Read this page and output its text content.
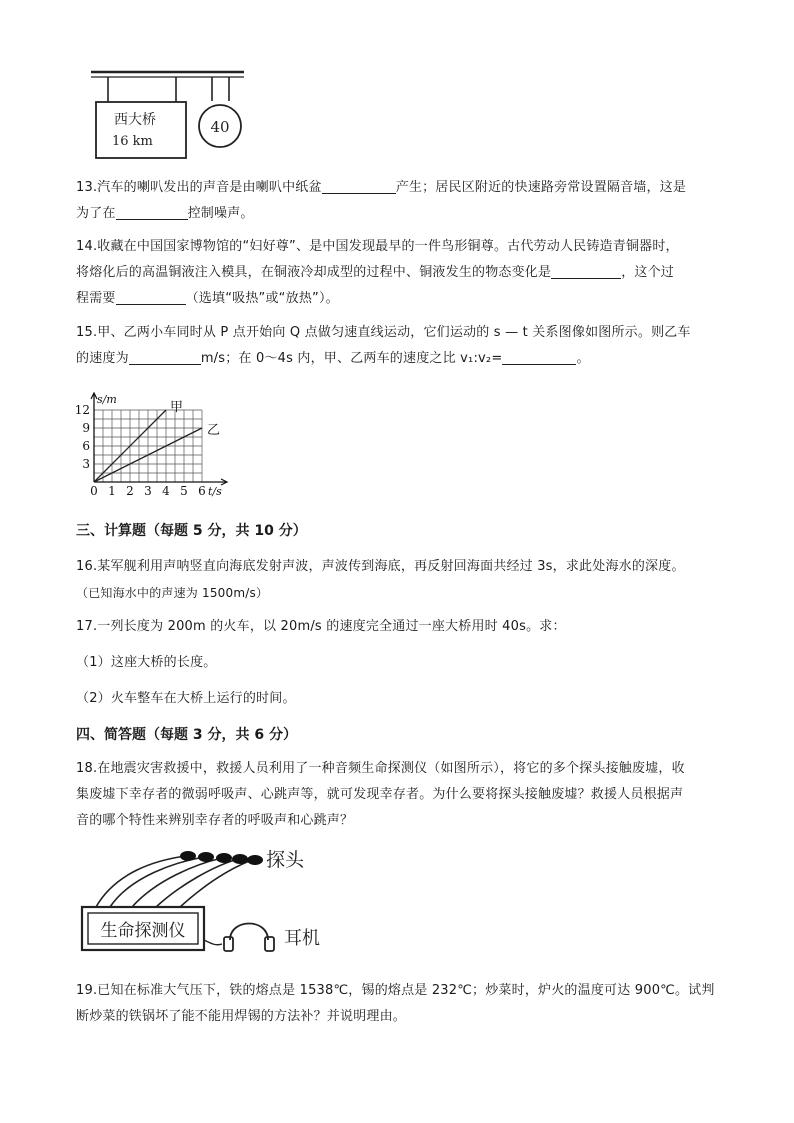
西大桥
16 km
40
13.汽车的喇叭发出的声音是由喇叭中纸盆	产生；居民区附近的快速路旁常设置隔音墙，这是
为了在	控制噪声。
14.收藏在中国国家博物馆的“妇好尊”、是中国发现最早的一件鸟形铜尊。古代劳动人民铸造青铜器时，
将熔化后的高温铜液注入模具，在铜液冷却成型的过程中、铜液发生的物态变化是	，这个过
程需要	（选填“吸热”或“放热”）。
15.甲、乙两小车同时从 P 点开始向 Q 点做匀速直线运动，它们运动的 s — t 关系图像如图所示。则乙车
的速度为	m/s；在 0～4s 内，甲、乙两车的速度之比 v₁:v₂=	。
0 1 2 3 4 5 6
3
6
9
12
s/m
t/s
甲
乙
三、计算题（每题 5 分，共 10 分）
16.某军舰利用声呐竖直向海底发射声波，声波传到海底，再反射回海面共经过 3s，求此处海水的深度。
（已知海水中的声速为 1500m/s）
17.一列长度为 200m 的火车，以 20m/s 的速度完全通过一座大桥用时 40s。求：
（1）这座大桥的长度。
（2）火车整车在大桥上运行的时间。
四、简答题（每题 3 分，共 6 分）
18.在地震灾害救援中，救援人员利用了一种音频生命探测仪（如图所示），将它的多个探头接触废墟，收
集废墟下幸存者的微弱呼吸声、心跳声等，就可发现幸存者。为什么要将探头接触废墟？救援人员根据声
音的哪个特性来辨别幸存者的呼吸声和心跳声？
探头
生命探测仪	耳机
19.已知在标准大气压下，铁的熔点是 1538℃，锡的熔点是 232℃；炒菜时，炉火的温度可达 900℃。试判
断炒菜的铁锅坏了能不能用焊锡的方法补？并说明理由。
